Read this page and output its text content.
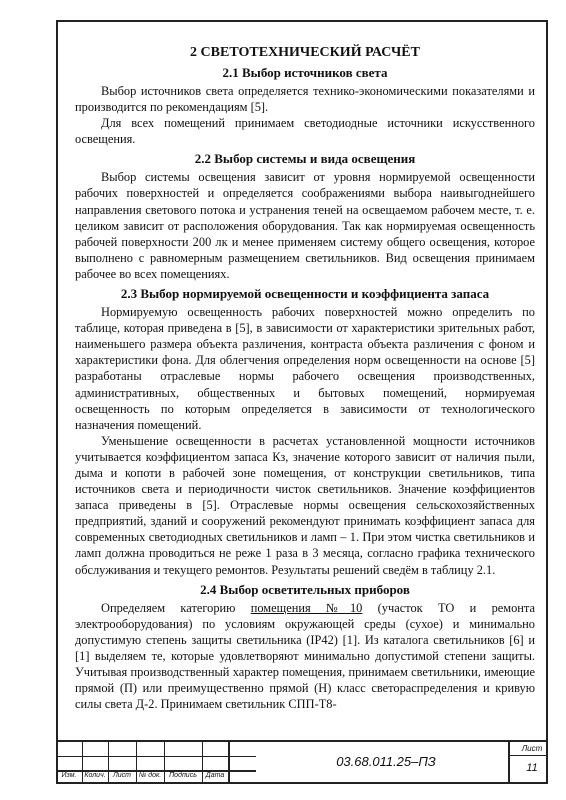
2 СВЕТОТЕХНИЧЕСКИЙ РАСЧЁТ
2.1 Выбор источников света

Выбор источников света определяется технико-экономическими показателями и производится по рекомендациям [5].

Для всех помещений принимаем светодиодные источники искусственного освещения.

2.2 Выбор системы и вида освещения

Выбор системы освещения зависит от уровня нормируемой освещенности рабочих поверхностей и определяется соображениями выбора наивыгоднейшего направления светового потока и устранения теней на освещаемом рабочем месте, т. е. целиком зависит от расположения оборудования. Так как нормируемая освещенность рабочей поверхности 200 лк и менее применяем систему общего освещения, которое выполнено с равномерным размещением светильников. Вид освещения принимаем рабочее во всех помещениях.

2.3 Выбор нормируемой освещенности и коэффициента запаса

Нормируемую освещенность рабочих поверхностей можно определить по таблице, которая приведена в [5], в зависимости от характеристики зрительных работ, наименьшего размера объекта различения, контраста объекта различения с фоном и характеристики фона. Для облегчения определения норм освещенности на основе [5] разработаны отраслевые нормы рабочего освещения производственных, административных, общественных и бытовых помещений, нормируемая освещенность по которым определяется в зависимости от технологического назначения помещений.

Уменьшение освещенности в расчетах установленной мощности источников учитывается коэффициентом запаса Кз, значение которого зависит от наличия пыли, дыма и копоти в рабочей зоне помещения, от конструкции светильников, типа источников света и периодичности чисток светильников. Значение коэффициентов запаса приведены в [5]. Отраслевые нормы освещения сельскохозяйственных предприятий, зданий и сооружений рекомендуют принимать коэффициент запаса для современных светодиодных светильников и ламп – 1. При этом чистка светильников и ламп должна проводиться не реже 1 раза в 3 месяца, согласно графика технического обслуживания и текущего ремонтов. Результаты решений сведём в таблицу 2.1.

2.4 Выбор осветительных приборов

Определяем категорию помещения №10 (участок ТО и ремонта электрооборудования) по условиям окружающей среды (сухое) и минимально допустимую степень защиты светильника (IP42) [1]. Из каталога светильников [6] и [1] выделяем те, которые удовлетворяют минимально допустимой степени защиты. Учитывая производственный характер помещения, принимаем светильники, имеющие прямой (П) или преимущественно прямой (Н) класс светораспределения и кривую силы света Д-2. Принимаем светильник СПП-Т8-

Изм.	Колич.	Лист	№ док.	Подпись	Дата
03.68.011.25–ПЗ
Лист
11
